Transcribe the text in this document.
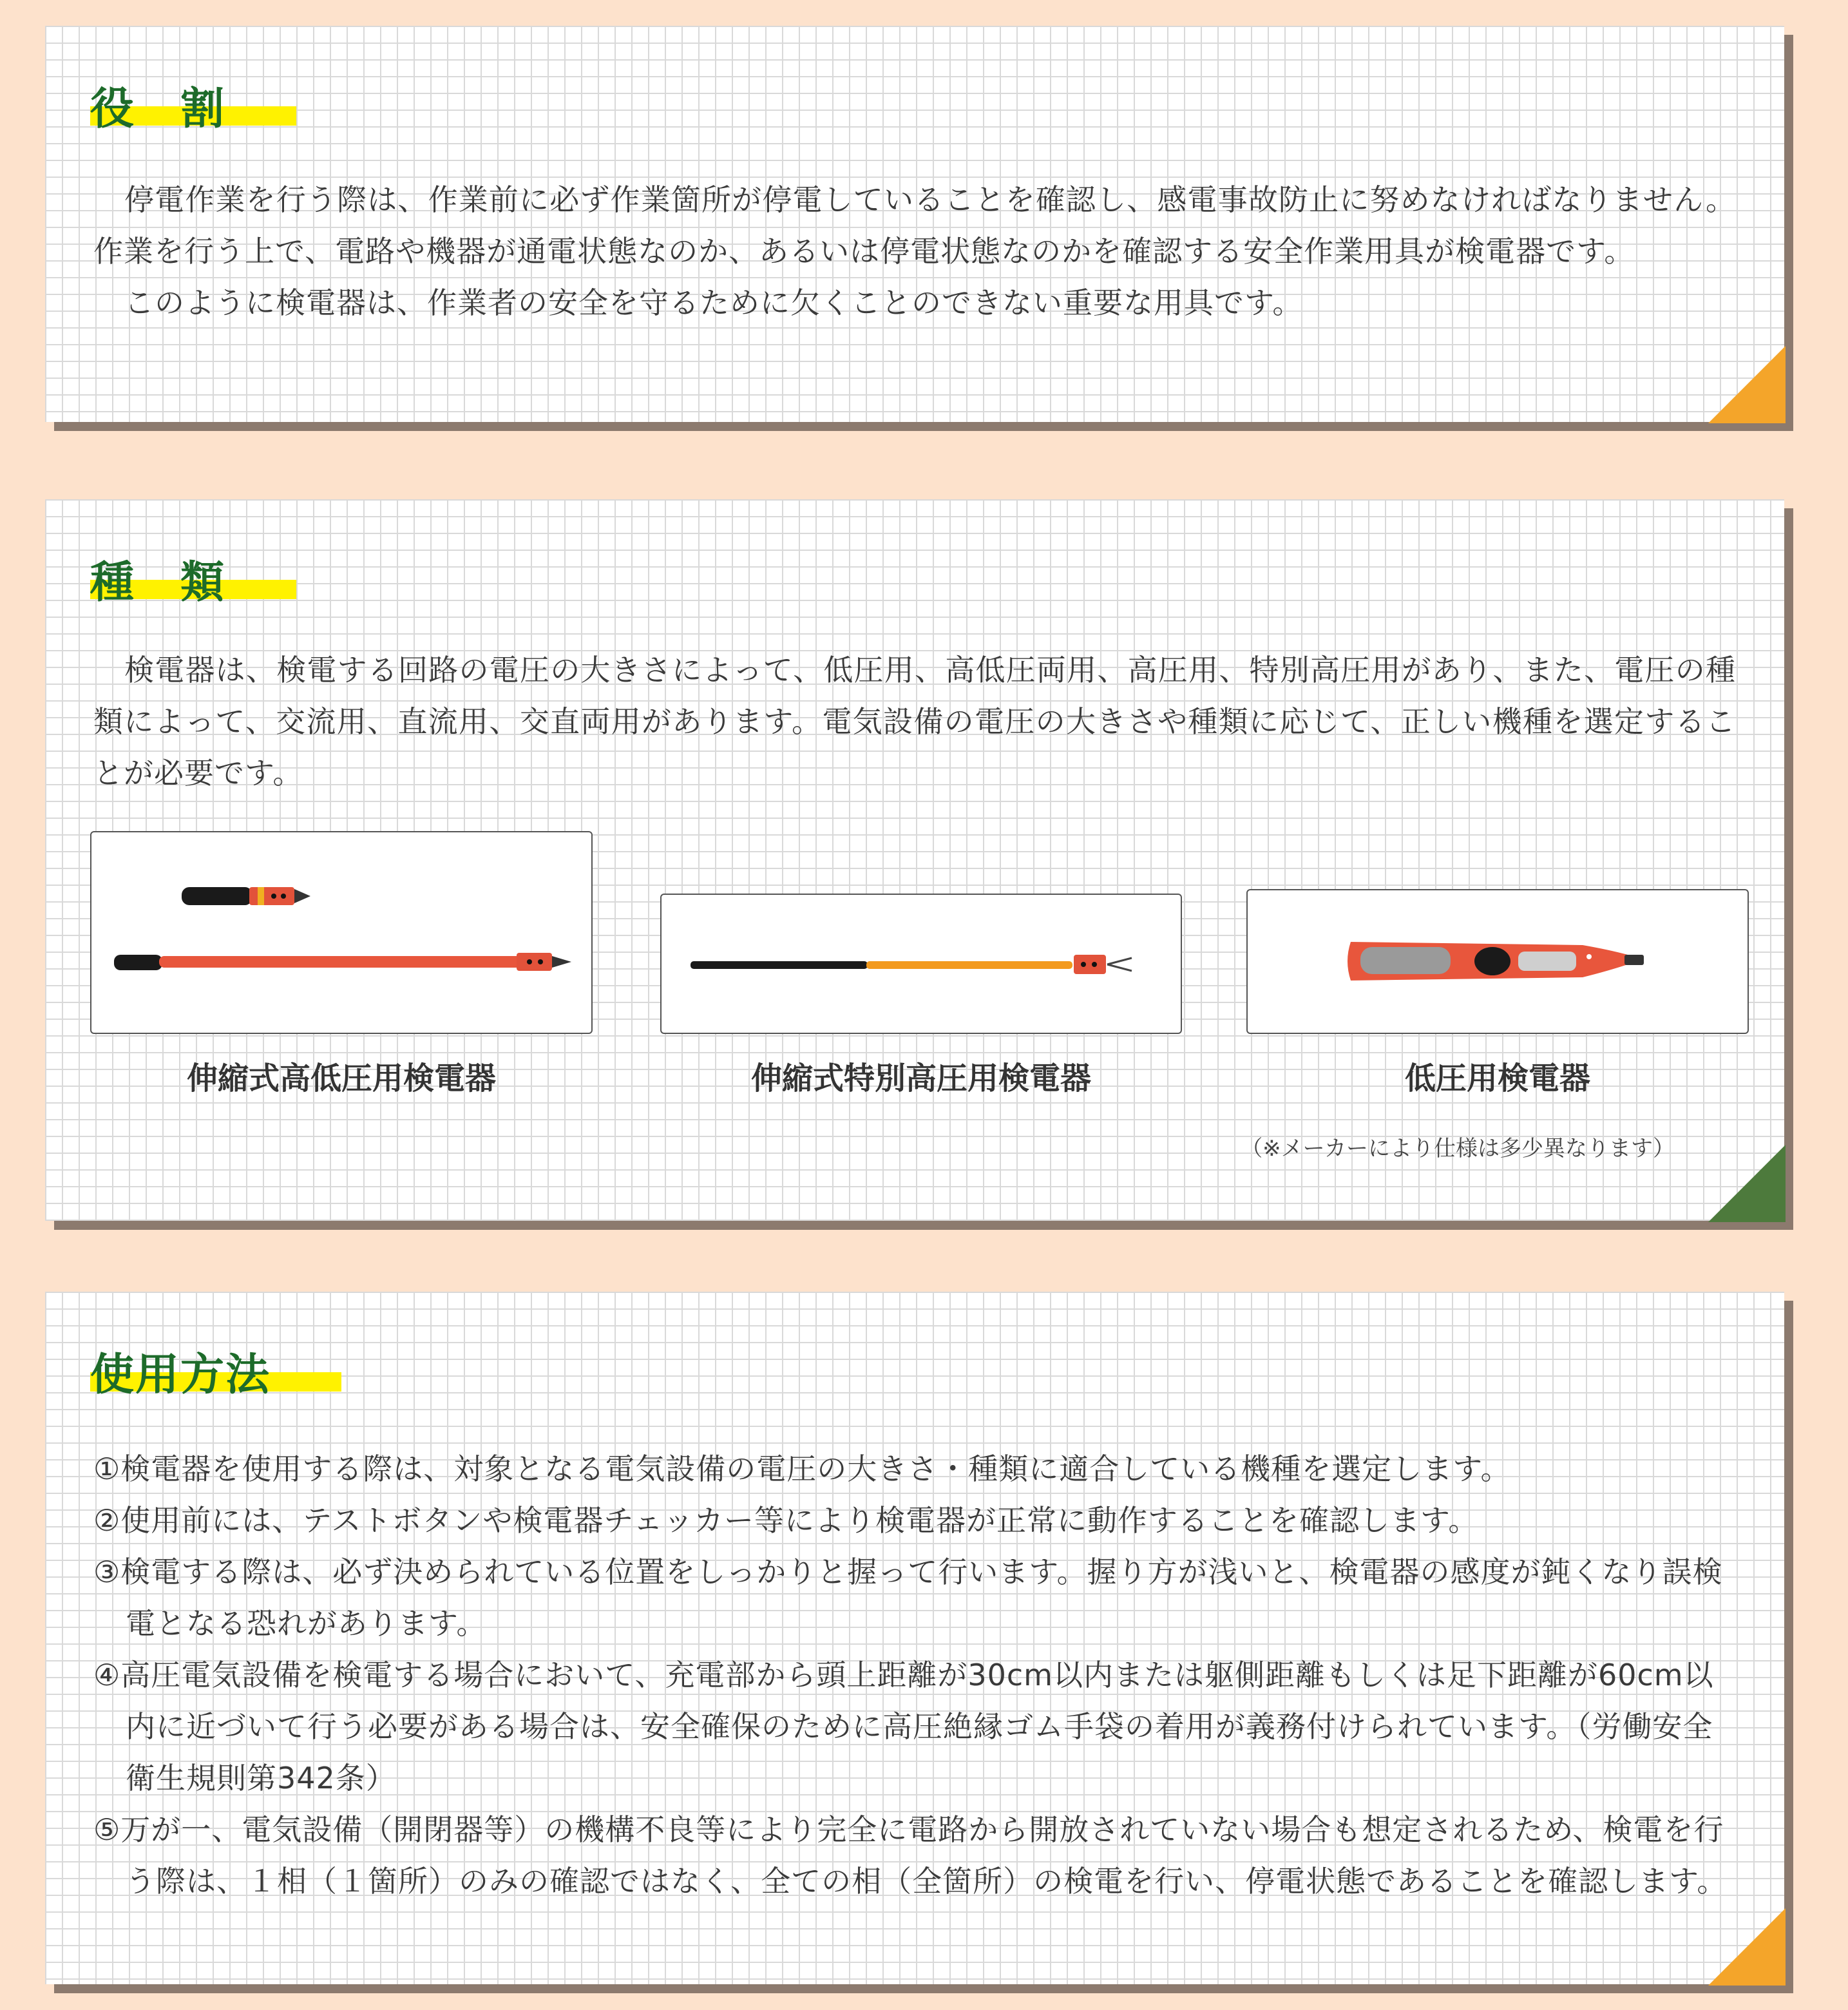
役　割

停電作業を行う際は、作業前に必ず作業箇所が停電していることを確認し、感電事故防止に努めなければなりません。作業を行う上で、電路や機器が通電状態なのか、あるいは停電状態なのかを確認する安全作業用具が検電器です。

このように検電器は、作業者の安全を守るために欠くことのできない重要な用具です。

種　類

検電器は、検電する回路の電圧の大きさによって、低圧用、高低圧両用、高圧用、特別高圧用があり、また、電圧の種類によって、交流用、直流用、交直両用があります。電気設備の電圧の大きさや種類に応じて、正しい機種を選定することが必要です。

伸縮式高低圧用検電器	伸縮式特別高圧用検電器	低圧用検電器
（※メーカーにより仕様は多少異なります）
使用方法

①検電器を使用する際は、対象となる電気設備の電圧の大きさ・種類に適合している機種を選定します。

②使用前には、テストボタンや検電器チェッカー等により検電器が正常に動作することを確認します。

③検電する際は、必ず決められている位置をしっかりと握って行います。握り方が浅いと、検電器の感度が鈍くなり誤検電となる恐れがあります。

④高圧電気設備を検電する場合において、充電部から頭上距離が30cm以内または躯側距離もしくは足下距離が60cm以内に近づいて行う必要がある場合は、安全確保のために高圧絶縁ゴム手袋の着用が義務付けられています。（労働安全衛生規則第342条）

⑤万が一、電気設備（開閉器等）の機構不良等により完全に電路から開放されていない場合も想定されるため、検電を行う際は、１相（１箇所）のみの確認ではなく、全ての相（全箇所）の検電を行い、停電状態であることを確認します。
